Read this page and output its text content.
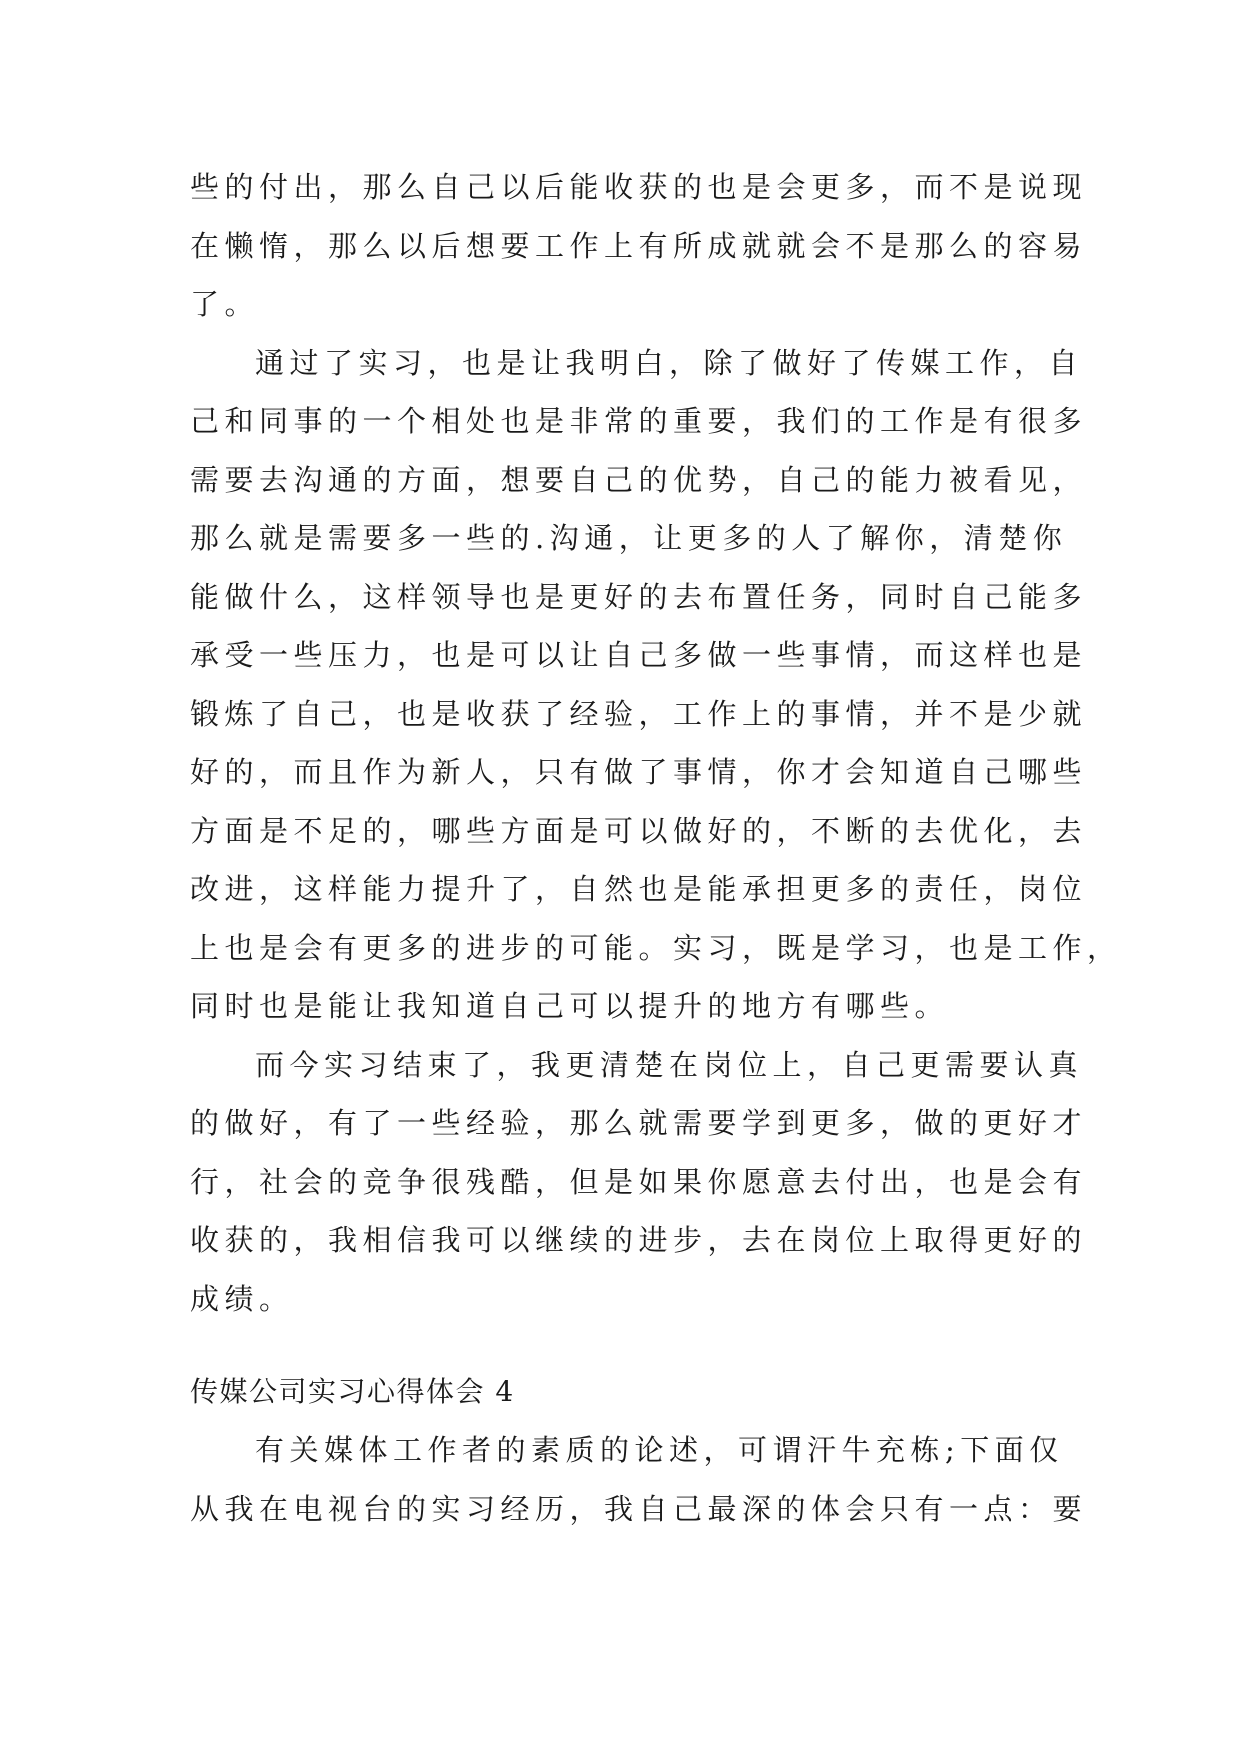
些的付出，那么自己以后能收获的也是会更多，而不是说现
在懒惰，那么以后想要工作上有所成就就会不是那么的容易
了。
通过了实习，也是让我明白，除了做好了传媒工作，自
己和同事的一个相处也是非常的重要，我们的工作是有很多
需要去沟通的方面，想要自己的优势，自己的能力被看见，
那么就是需要多一些的.沟通，让更多的人了解你，清楚你
能做什么，这样领导也是更好的去布置任务，同时自己能多
承受一些压力，也是可以让自己多做一些事情，而这样也是
锻炼了自己，也是收获了经验，工作上的事情，并不是少就
好的，而且作为新人，只有做了事情，你才会知道自己哪些
方面是不足的，哪些方面是可以做好的，不断的去优化，去
改进，这样能力提升了，自然也是能承担更多的责任，岗位
上也是会有更多的进步的可能。实习，既是学习，也是工作，
同时也是能让我知道自己可以提升的地方有哪些。
而今实习结束了，我更清楚在岗位上，自己更需要认真
的做好，有了一些经验，那么就需要学到更多，做的更好才
行，社会的竞争很残酷，但是如果你愿意去付出，也是会有
收获的，我相信我可以继续的进步，去在岗位上取得更好的
成绩。
传媒公司实习心得体会 4
有关媒体工作者的素质的论述，可谓汗牛充栋;下面仅
从我在电视台的实习经历，我自己最深的体会只有一点：要
